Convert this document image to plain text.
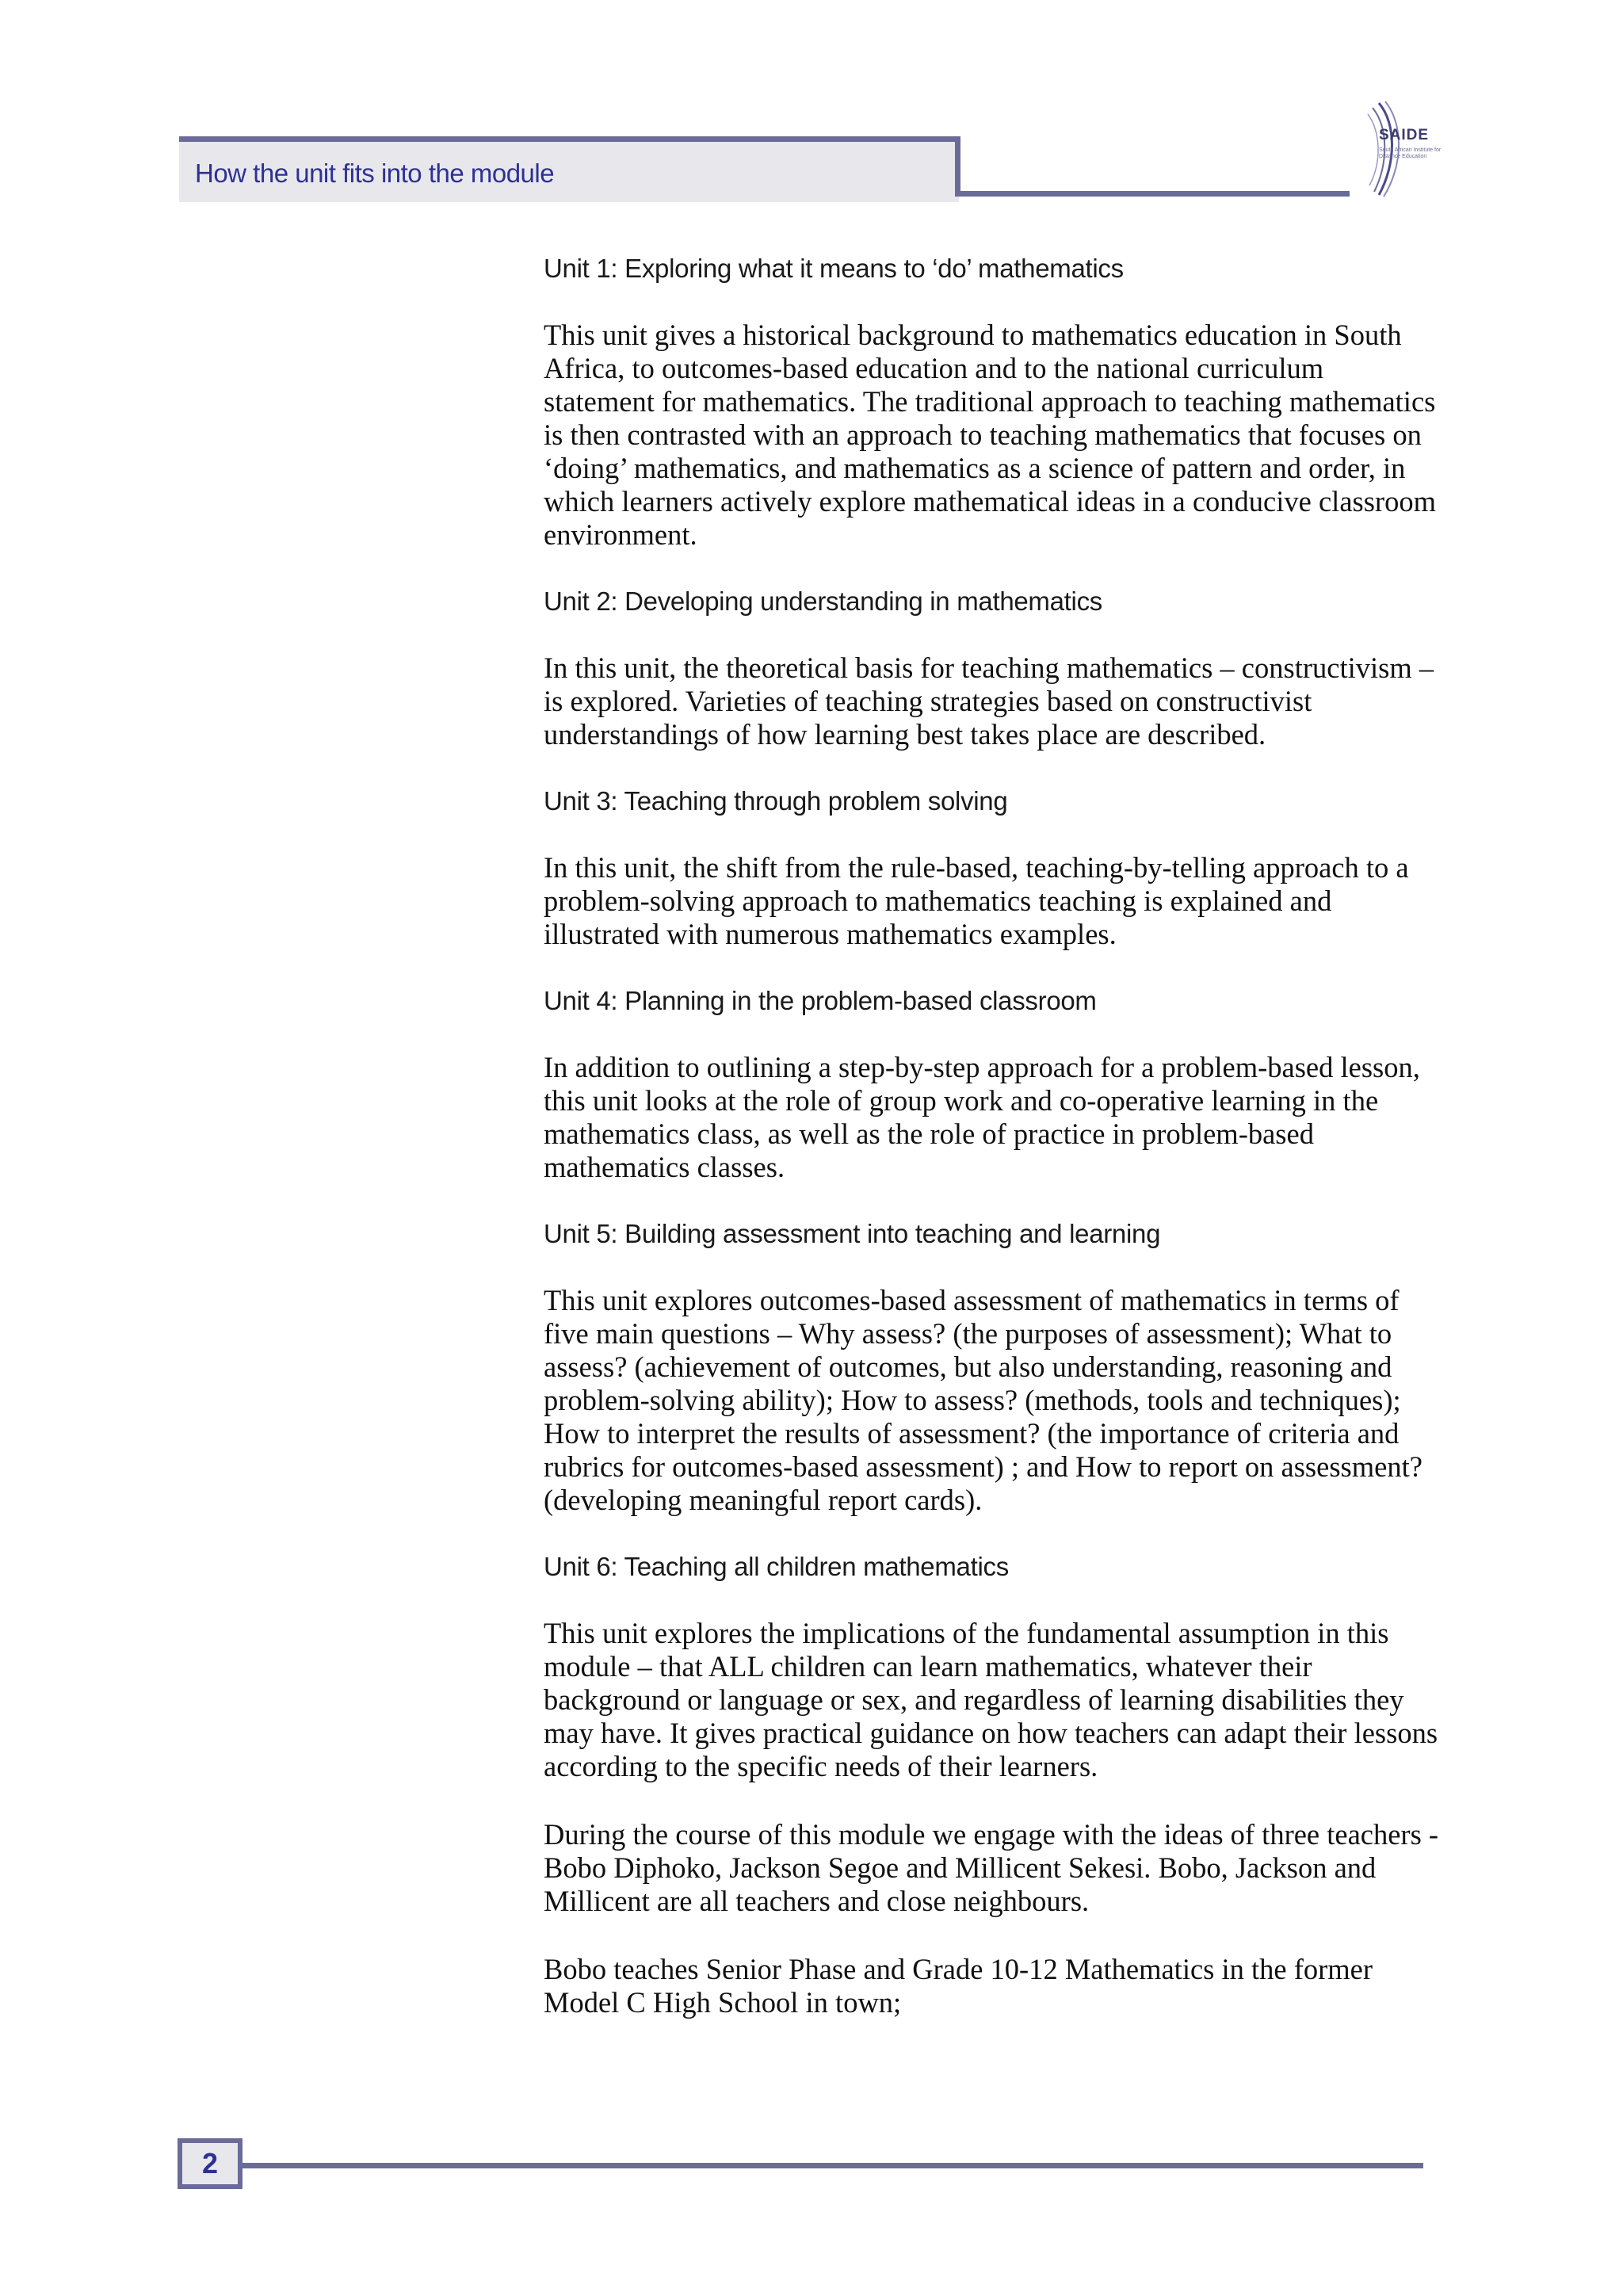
How the unit fits into the module
SAIDE
South African Institute for Distance Education
Unit 1: Exploring what it means to ‘do’ mathematics
This unit gives a historical background to mathematics education in South Africa, to outcomes-based education and to the national curriculum statement for mathematics. The traditional approach to teaching mathematics is then contrasted with an approach to teaching mathematics that focuses on ‘doing’ mathematics, and mathematics as a science of pattern and order, in which learners actively explore mathematical ideas in a conducive classroom environment.
Unit 2: Developing understanding in mathematics
In this unit, the theoretical basis for teaching mathematics – constructivism – is explored. Varieties of teaching strategies based on constructivist understandings of how learning best takes place are described.
Unit 3: Teaching through problem solving
In this unit, the shift from the rule-based, teaching-by-telling approach to a problem-solving approach to mathematics teaching is explained and illustrated with numerous mathematics examples.
Unit 4: Planning in the problem-based classroom
In addition to outlining a step-by-step approach for a problem-based lesson, this unit looks at the role of group work and co-operative learning in the mathematics class, as well as the role of practice in problem-based mathematics classes.
Unit 5: Building assessment into teaching and learning
This unit explores outcomes-based assessment of mathematics in terms of five main questions – Why assess? (the purposes of assessment); What to assess? (achievement of outcomes, but also understanding, reasoning and problem-solving ability); How to assess? (methods, tools and techniques); How to interpret the results of assessment? (the importance of criteria and rubrics for outcomes-based assessment) ; and How to report on assessment? (developing meaningful report cards).
Unit 6: Teaching all children mathematics
This unit explores the implications of the fundamental assumption in this module – that ALL children can learn mathematics, whatever their background or language or sex, and regardless of learning disabilities they may have. It gives practical guidance on how teachers can adapt their lessons according to the specific needs of their learners.
During the course of this module we engage with the ideas of three teachers - Bobo Diphoko, Jackson Segoe and Millicent Sekesi. Bobo, Jackson and Millicent are all teachers and close neighbours.
Bobo teaches Senior Phase and Grade 10-12 Mathematics in the former Model C High School in town;
2
